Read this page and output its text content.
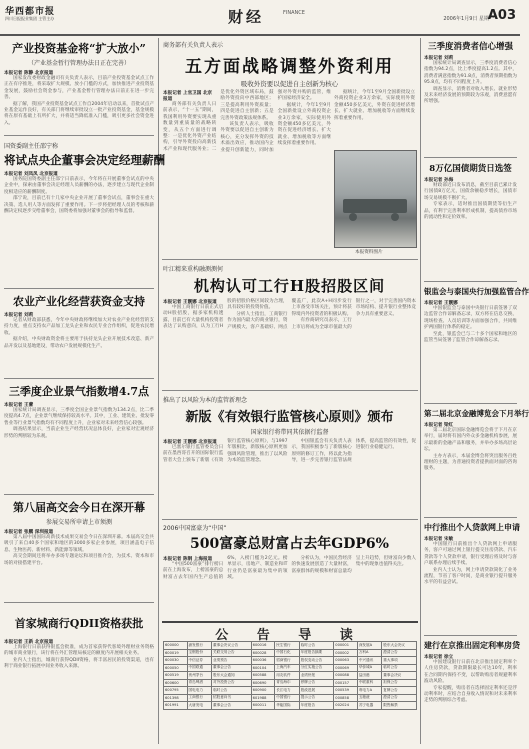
华西都市报
四川日报报业集团 主管主办	财经	FINANCE
2006年1月9日 星期一
A03
产业投资基金将“扩大放小”
（产业基金暂行管理办法日正在完善）
本报记者 陈静 北京报道

国家发改委财政金融司有关负责人表示，目前产业投资基金试点工作正在有序推进，将采取扩大规模、放小门槛的方式，加快推进产业投资基金发展，鼓励社会资金参与，产业基金暂行管理办法日前正在进一步完善。

据了解，我国产业投资基金试点工作自2004年启动以来，首批试点产业基金运作良好，有关部门将继续审批设立一批产业投资基金，基金规模将在原有基础上有所扩大，并将适当降低准入门槛，吸引更多社会资金进入。

国资委副主任邵宁称
将试点央企董事会决定经理薪酬
本报记者 刘凤凤 北京报道

国务院国资委副主任邵宁日前表示，今年将在开展董事会试点的中央企业中，探索由董事会决定经理人员薪酬的办法，逐步建立与现代企业制度相适应的薪酬制度。

邵宁说，目前已有十几家中央企业开展了董事会试点，董事会在重大决策、选人用人等方面发挥了重要作用。下一步将把经理人员的考核和薪酬决定权逐步交给董事会，国资委将加强对董事会的指导和监督。

农业产业化经营获资金支持
本报记者 刘莉

记者从财政部获悉，今年中央财政将继续加大对农业产业化经营的支持力度，重点支持农产品加工龙头企业和农民专业合作组织，促进农民增收。

据介绍，中央财政资金将主要用于扶持龙头企业开展技术改造、新产品开发以及基地建设，带动农户发展规模化生产。

三季度企业景气指数增4.7点
本报记者 王蕾

国家统计局调查显示，三季度全国企业景气指数为134.2点，比二季度提高4.7点，企业景气继续保持较高水平。其中，工业、建筑业、批发零售业等行业景气指数均有不同程度上升，企业家对未来经营信心较强。

调查结果显示，当前企业生产经营状况总体良好，企业家对宏观经济形势的判断较为乐观。

第八届高交会今日在深开幕
参展交易所申请上市须测
本报记者 张鹏 深圳报道

第八届中国国际高新技术成果交易会今日在深圳开幕。本届高交会共吸引了来自40多个国家和地区的3000多家企业参展，项目涵盖电子信息、生物医药、新材料、新能源等领域。

高交会期间还将举办多场专题论坛和项目推介会，为技术、资本和市场的对接搭建平台。

首家城商行QDII资格获批
本报记者 王新 北京报道

上海银行日前获得银监会批准，成为首家获得代客境外理财业务资格的城市商业银行，该行将在外汇管理局核定的额度内开展相关业务。

业内人士指出，城商行获得QDII资格，将丰富居民的投资渠道，也有利于商业银行拓展中间业务收入来源。

商务部有关负责人表示
五方面战略调整外资利用
吸收外资要以促进自主创新为核心
本报记者 上官卫国 北京报道

商务部有关负责人日前表示，“十一五”期间，我国利用外资要实现从重数量到重质量的战略转变，从五个方面进行调整：一是优化外资产业结构，引导外资投向高新技术产业和现代服务业；二是优化外资区域布局，鼓励外资投向中西部地区；三是提高利用外资质量；四是促进自主创新；五是完善外资政策法规体系。

该负责人表示，吸收外资要以促进自主创新为核心，充分发挥外资的技术溢出效应，推动国内企业提升创新能力，同时加强对外资并购的监管，维护国家经济安全。

据统计，今年1至9月全国新批设立外商投资企业3万余家，实际使用外资金额450多亿美元，外资在促进经济增长、扩大就业、增加税收等方面继续发挥着重要作用。

本报资料图片

据统计，今年1至9月全国新批设立外商投资企业3万余家，实际使用外资金额450多亿美元，外资在促进经济增长、扩大就业、增加税收等方面继续发挥着重要作用。

叶江精来重构融测测何
机构认可工行H股招股区间
本报记者 王靓娜 北京报道

中国工商银行日前正式启动H股招股，据多家机构透露，目前已有大量机构投资者表达了认购意向，认为工行H股的招股价格区间较为合理，具有较好的投资价值。

分析人士指出，工商银行作为国内最大的商业银行，资产规模大、客户基础好、网点覆盖广，此次A+H同步发行上市备受市场关注，预计将获得境内外投资者的积极认购。

有券商研究员表示，工行上市后将成为全球市值最大的银行之一，对于完善国内资本市场结构、提升银行业整体竞争力具有重要意义。

推出了以风险为本的监管新理念
新版《有效银行监管核心原则》颁布
国家银行将带同其依据行监督
本报记者 王靓娜 北京报道

巴塞尔银行监管委员会日前在墨西哥召开的国际银行监管者大会上颁布了新版《有效银行监管核心原则》，与1997年版相比，新版核心原则更加强调风险管理，推出了以风险为本的监管理念。

中国银监会有关负责人表示，我国积极参与了新版核心原则的修订工作，将以此为指导，进一步完善银行监管法规体系，提高监管的有效性，促进银行业稳健运行。

2006中国富豪为“中国”
500富豪总财富占去年GDP6%
本报记者 陈钢 上海报道

“中国500富豪”排行榜日前在上海发布，上榜富豪的总财富占去年国内生产总值的6%，入榜门槛为2亿元。榜单显示，房地产、制造业和IT行业仍是富豪最为集中的领域。

分析认为，中国民营经济的快速发展创造了大量财富，富豪群体的规模和财富总量均呈上升趋势，但财富向少数人集中的现象也值得关注。

公 告 导 读
600000	浦发银行	董事会决议公告	600016	民生银行	临时公告	000001	深发展A	股东大会决议
600019	宝钢股份	关联交易公告	600028	中国石化	年度报告摘要	000002	万科A	澄清公告
600030	中信证券	业绩预告	600036	招商银行	股权变动公告	000063	中兴通讯	重大事项
600050	中国联通	董事会公告	600104	上海汽车	分红实施公告	000069	华侨城A	临时公告
600519	贵州茅台	股东大会通知	600588	用友软件	业绩快报	000088	盐田港	董事会决议
600600	青岛啤酒	对外投资公告	600690	青岛海尔	停牌公告	000157	中联重科	担保公告
600795	国电电力	临时公告	600900	长江电力	股改进展	000539	粤电力A	复牌公告
601398	工商银行	招股意向书	601988	中国银行	提示公告	000858	五粮液	澄清公告
601991	大唐发电	董事会公告	600011	华能国际	年度报告	002024	苏宁电器	限售解禁
三季度消费者信心增强
本报记者 刘莉

国家统计局调查显示，三季度消费者信心指数为94.2点，比上季度提高1.2点。其中，消费者满意指数为91.8点，消费者预期指数为95.8点，均有不同程度上升。

调查显示，消费者对收入增长、就业形势及未来经济发展的预期较为乐观，消费意愿有所增强。

8万亿国债期货日选签
本报记者 孙海

财政部近日发布消息，截至目前已累计发行国债8万亿元，国债余额稳步增长，国债市场交易规模不断扩大。

专家表示，适时推出国债期货等衍生产品，有利于完善利率形成机制，提高债券市场的流动性和定价效率。

银监会与泰国央行加强监管合作
本报记者 王靓娜

中国银监会与泰国中央银行日前签署了双边监管合作谅解备忘录，双方将在信息交换、现场检查、人员培训等方面加强合作，共同维护两国银行体系的稳定。

至此，银监会已与二十多个国家和地区的监管当局签署了监管合作谅解备忘录。

第二届北京金融博览会下月举行
本报记者 梁红

第二届北京国际金融博览会将于下月在京举行，届时将有国内外众多金融机构参展，展示最新的金融产品和服务，并举办多场高层论坛。

主办方表示，本届金博会将突出服务百姓理财的主题，为普通投资者提供面对面的咨询服务。

中行推出个人贷款网上申请
本报记者 宋敏

中国银行日前推出个人贷款网上申请服务，客户可通过网上银行提交住房贷款、汽车贷款等个人贷款申请，银行受理后将及时与客户联系办理后续手续。

业内人士认为，网上申请贷款简化了业务流程，节省了客户时间，是商业银行提升服务水平的有益尝试。

建行在京推出固定利率房贷
本报记者 徐立

中国建设银行日前在北京推出固定利率个人住房贷款，贷款期限最长可达10年，利率在合同期内保持不变，以帮助购房者规避利率波动风险。

专家提醒，购房者在选择固定利率还是浮动利率时，应结合自身收入情况和对未来利率走势的判断综合考虑。
